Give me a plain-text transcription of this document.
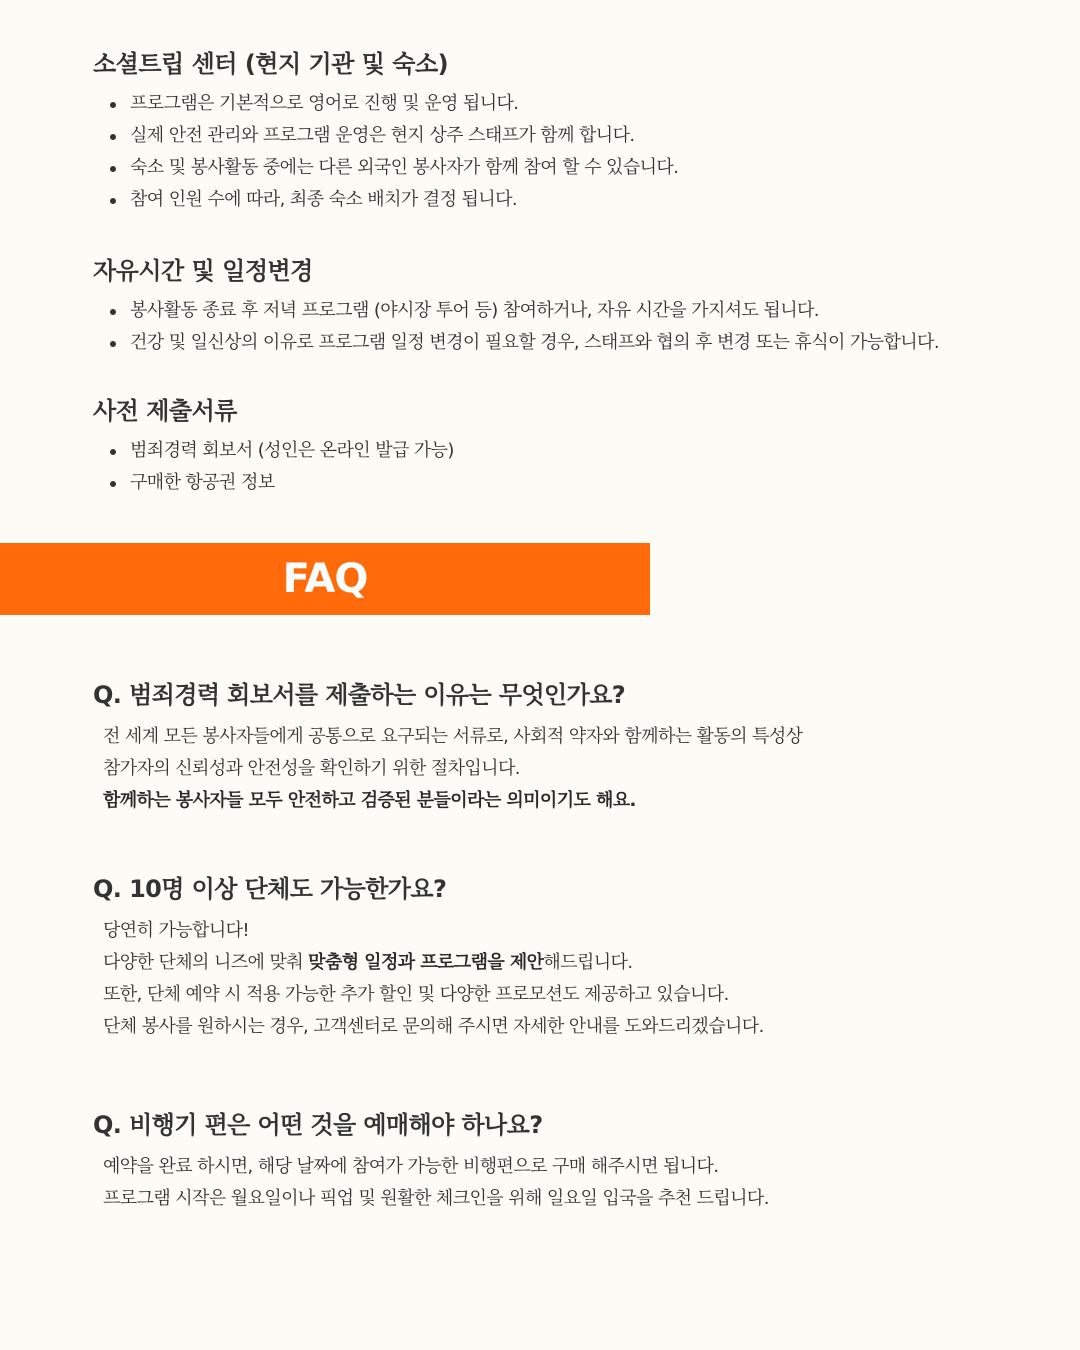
소셜트립 센터 (현지 기관 및 숙소)
프로그램은 기본적으로 영어로 진행 및 운영 됩니다.
실제 안전 관리와 프로그램 운영은 현지 상주 스태프가 함께 합니다.
숙소 및 봉사활동 중에는 다른 외국인 봉사자가 함께 참여 할 수 있습니다.
참여 인원 수에 따라, 최종 숙소 배치가 결정 됩니다.
자유시간 및 일정변경
봉사활동 종료 후 저녁 프로그램 (야시장 투어 등) 참여하거나, 자유 시간을 가지셔도 됩니다.
건강 및 일신상의 이유로 프로그램 일정 변경이 필요할 경우, 스태프와 협의 후 변경 또는 휴식이 가능합니다.
사전 제출서류
범죄경력 회보서 (성인은 온라인 발급 가능)
구매한 항공권 정보
FAQ
Q. 범죄경력 회보서를 제출하는 이유는 무엇인가요?
전 세계 모든 봉사자들에게 공통으로 요구되는 서류로, 사회적 약자와 함께하는 활동의 특성상
참가자의 신뢰성과 안전성을 확인하기 위한 절차입니다.
함께하는 봉사자들 모두 안전하고 검증된 분들이라는 의미이기도 해요.
Q. 10명 이상 단체도 가능한가요?
당연히 가능합니다!
다양한 단체의 니즈에 맞춰 맞춤형 일정과 프로그램을 제안해드립니다.
또한, 단체 예약 시 적용 가능한 추가 할인 및 다양한 프로모션도 제공하고 있습니다.
단체 봉사를 원하시는 경우, 고객센터로 문의해 주시면 자세한 안내를 도와드리겠습니다.
Q. 비행기 편은 어떤 것을 예매해야 하나요?
예약을 완료 하시면, 해당 날짜에 참여가 가능한 비행편으로 구매 해주시면 됩니다.
프로그램 시작은 월요일이나 픽업 및 원활한 체크인을 위해 일요일 입국을 추천 드립니다.
